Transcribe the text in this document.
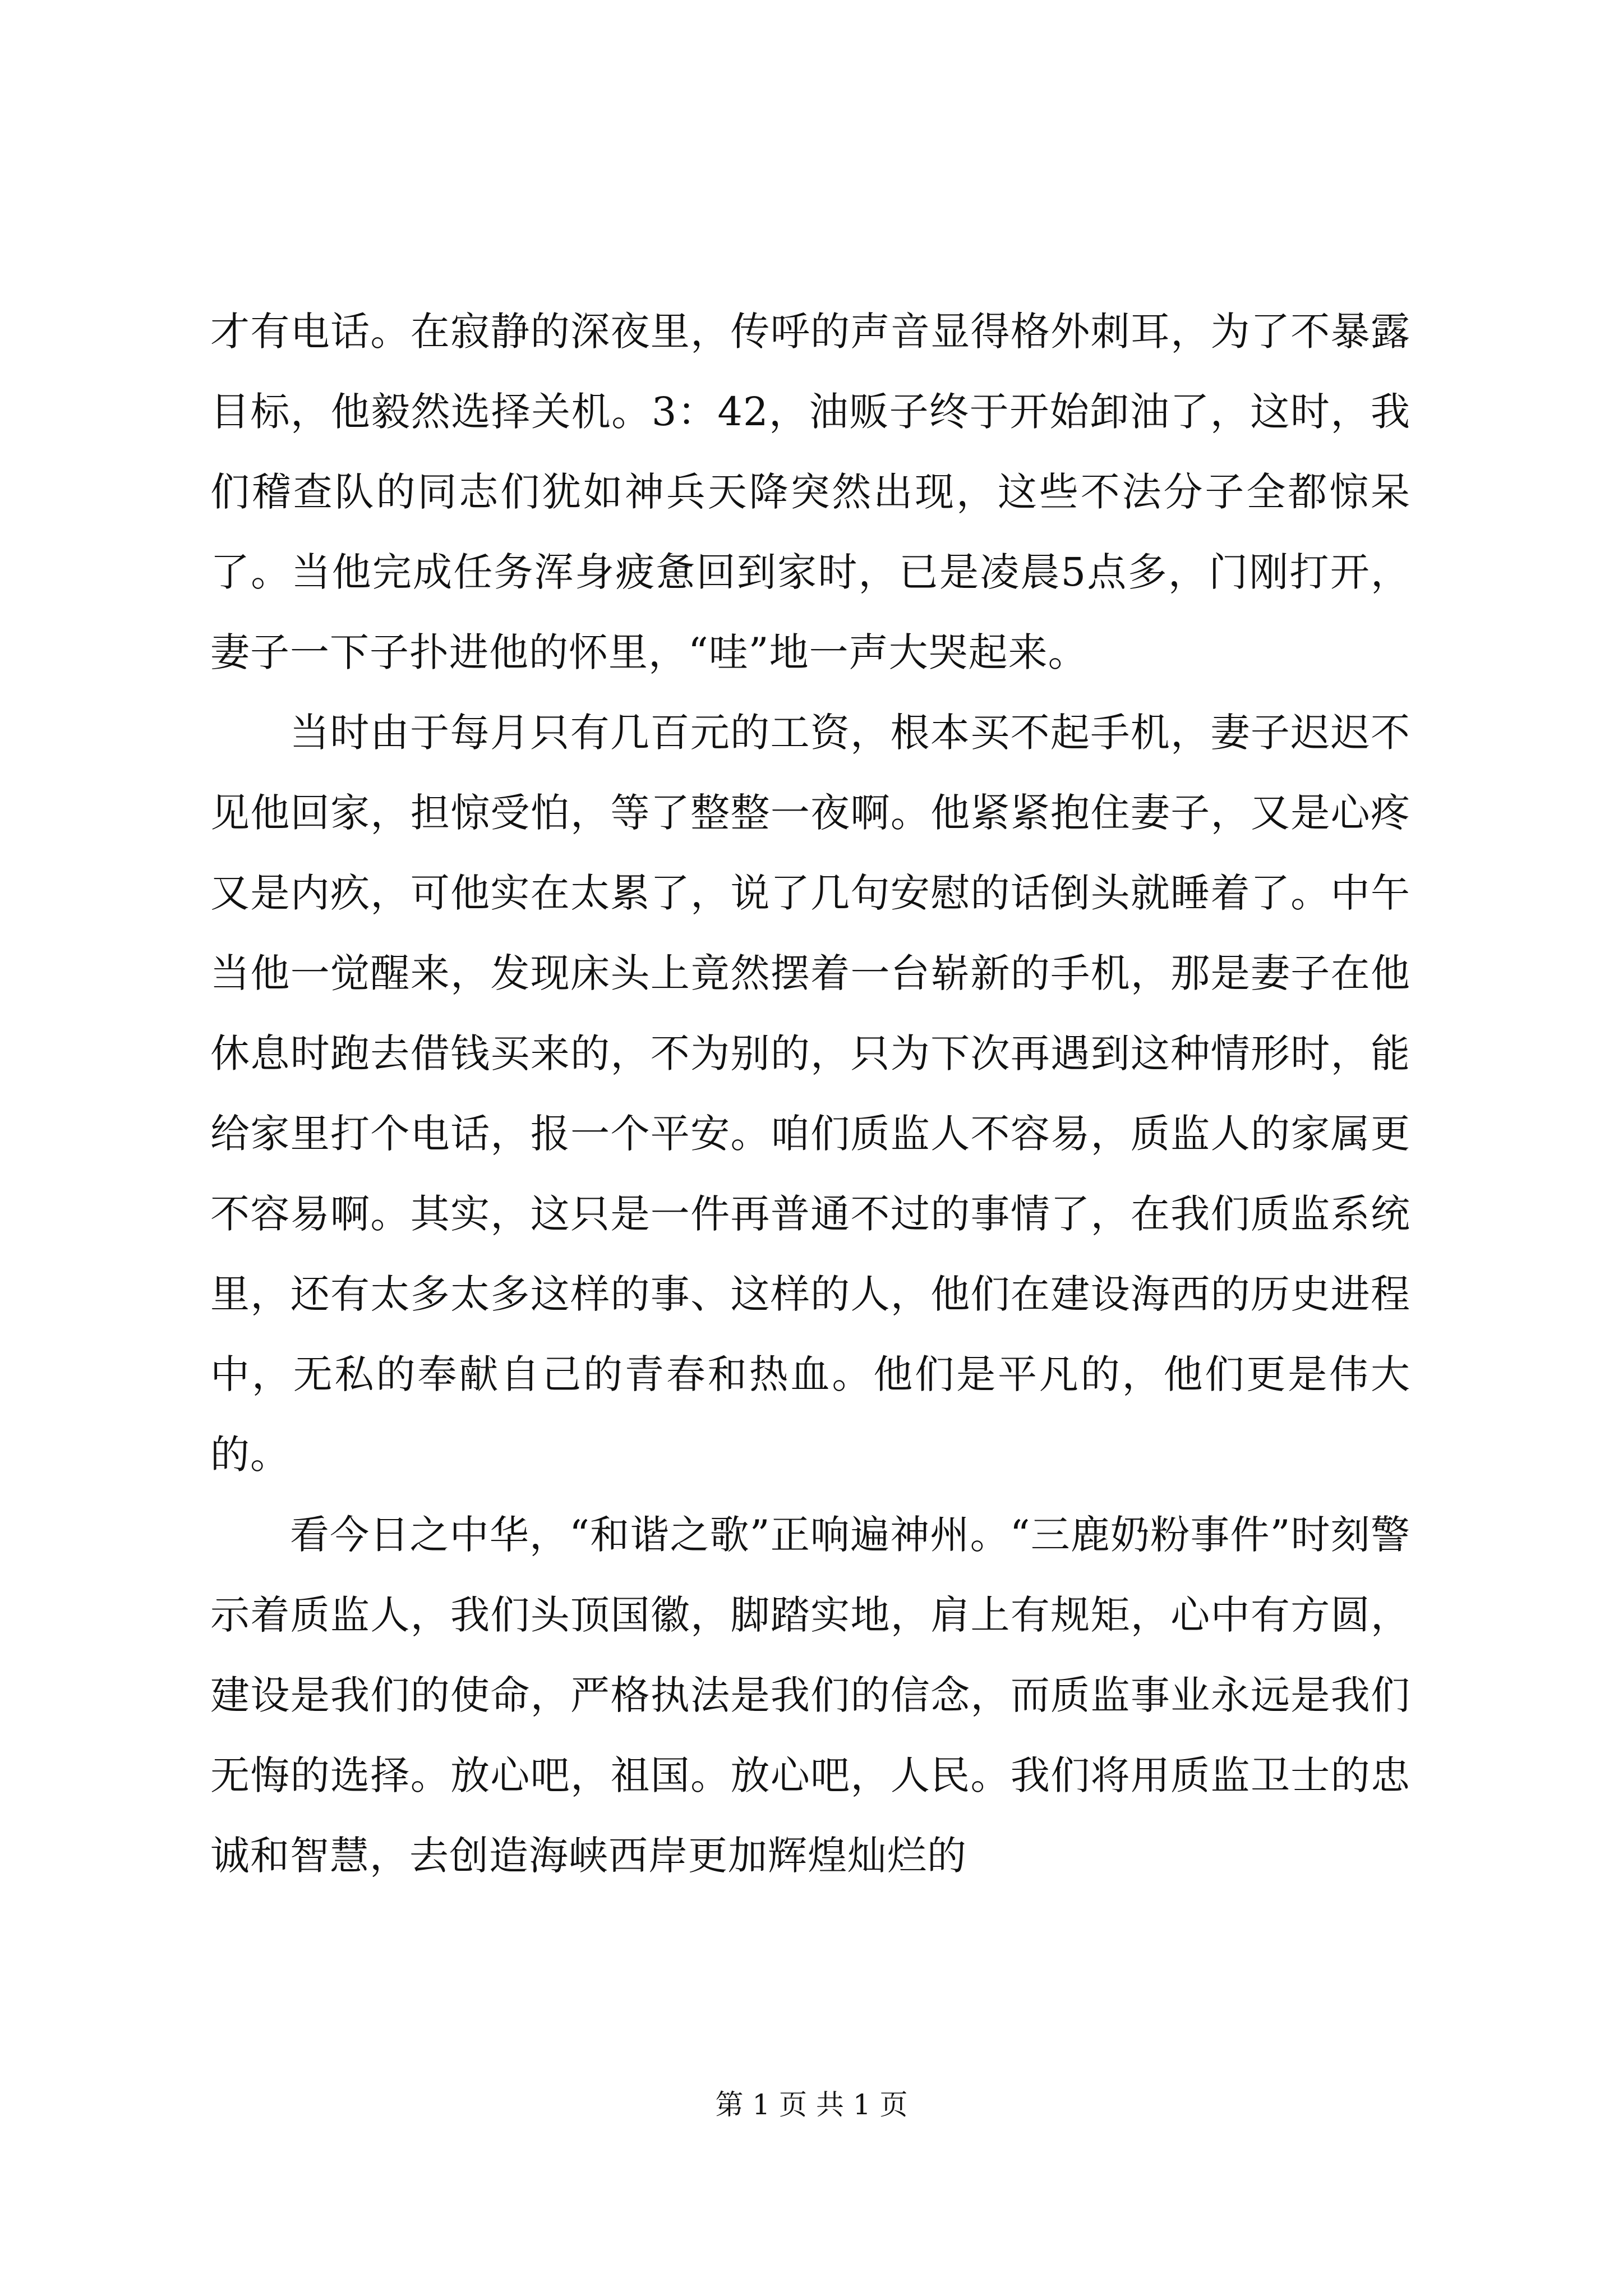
才有电话。在寂静的深夜里，传呼的声音显得格外刺耳，为了不暴露目标，他毅然选择关机。3：42，油贩子终于开始卸油了，这时，我们稽查队的同志们犹如神兵天降突然出现，这些不法分子全都惊呆了。当他完成任务浑身疲惫回到家时，已是凌晨5点多，门刚打开，妻子一下子扑进他的怀里，“哇”地一声大哭起来。

当时由于每月只有几百元的工资，根本买不起手机，妻子迟迟不见他回家，担惊受怕，等了整整一夜啊。他紧紧抱住妻子，又是心疼又是内疚，可他实在太累了，说了几句安慰的话倒头就睡着了。中午当他一觉醒来，发现床头上竟然摆着一台崭新的手机，那是妻子在他休息时跑去借钱买来的，不为别的，只为下次再遇到这种情形时，能给家里打个电话，报一个平安。咱们质监人不容易，质监人的家属更不容易啊。其实，这只是一件再普通不过的事情了，在我们质监系统里，还有太多太多这样的事、这样的人，他们在建设海西的历史进程中，无私的奉献自己的青春和热血。他们是平凡的，他们更是伟大的。

看今日之中华，“和谐之歌”正响遍神州。“三鹿奶粉事件”时刻警示着质监人，我们头顶国徽，脚踏实地，肩上有规矩，心中有方圆，建设是我们的使命，严格执法是我们的信念，而质监事业永远是我们无悔的选择。放心吧，祖国。放心吧，人民。我们将用质监卫士的忠诚和智慧，去创造海峡西岸更加辉煌灿烂的

第 1 页 共 1 页
